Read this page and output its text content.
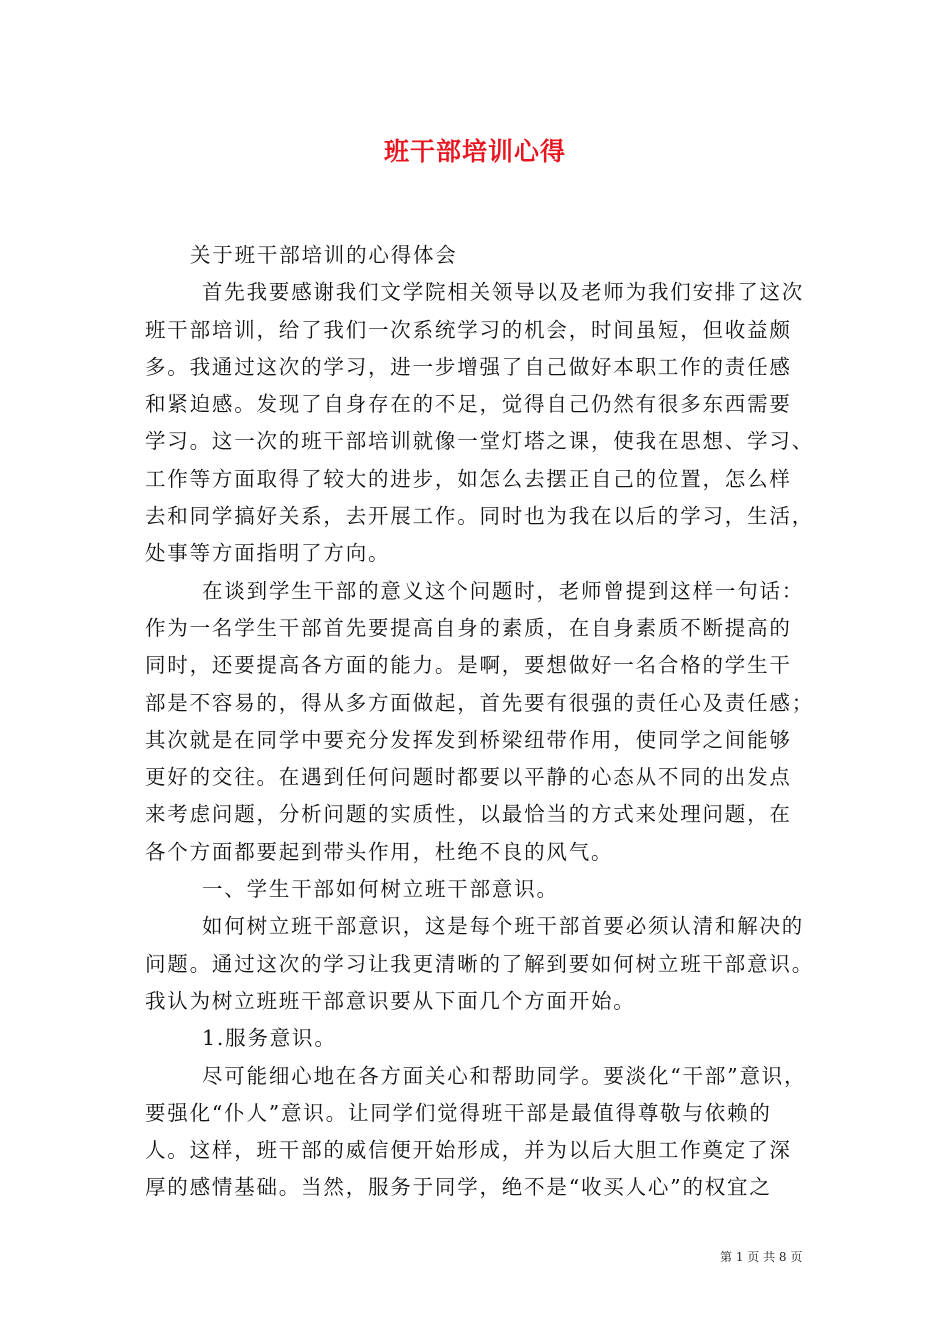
班干部培训心得
关于班干部培训的心得体会
首先我要感谢我们文学院相关领导以及老师为我们安排了这次
班干部培训，给了我们一次系统学习的机会，时间虽短，但收益颇
多。我通过这次的学习，进一步增强了自己做好本职工作的责任感
和紧迫感。发现了自身存在的不足，觉得自己仍然有很多东西需要
学习。这一次的班干部培训就像一堂灯塔之课，使我在思想、学习、
工作等方面取得了较大的进步，如怎么去摆正自己的位置，怎么样
去和同学搞好关系，去开展工作。同时也为我在以后的学习，生活，
处事等方面指明了方向。
在谈到学生干部的意义这个问题时，老师曾提到这样一句话：
作为一名学生干部首先要提高自身的素质，在自身素质不断提高的
同时，还要提高各方面的能力。是啊，要想做好一名合格的学生干
部是不容易的，得从多方面做起，首先要有很强的责任心及责任感；
其次就是在同学中要充分发挥发到桥梁纽带作用，使同学之间能够
更好的交往。在遇到任何问题时都要以平静的心态从不同的出发点
来考虑问题，分析问题的实质性，以最恰当的方式来处理问题，在
各个方面都要起到带头作用，杜绝不良的风气。
一、学生干部如何树立班干部意识。
如何树立班干部意识，这是每个班干部首要必须认清和解决的
问题。通过这次的学习让我更清晰的了解到要如何树立班干部意识。
我认为树立班班干部意识要从下面几个方面开始。
1.服务意识。
尽可能细心地在各方面关心和帮助同学。要淡化“干部”意识，
要强化“仆人”意识。让同学们觉得班干部是最值得尊敬与依赖的
人。这样，班干部的威信便开始形成，并为以后大胆工作奠定了深
厚的感情基础。当然，服务于同学，绝不是“收买人心”的权宜之
第 1 页 共 8 页
